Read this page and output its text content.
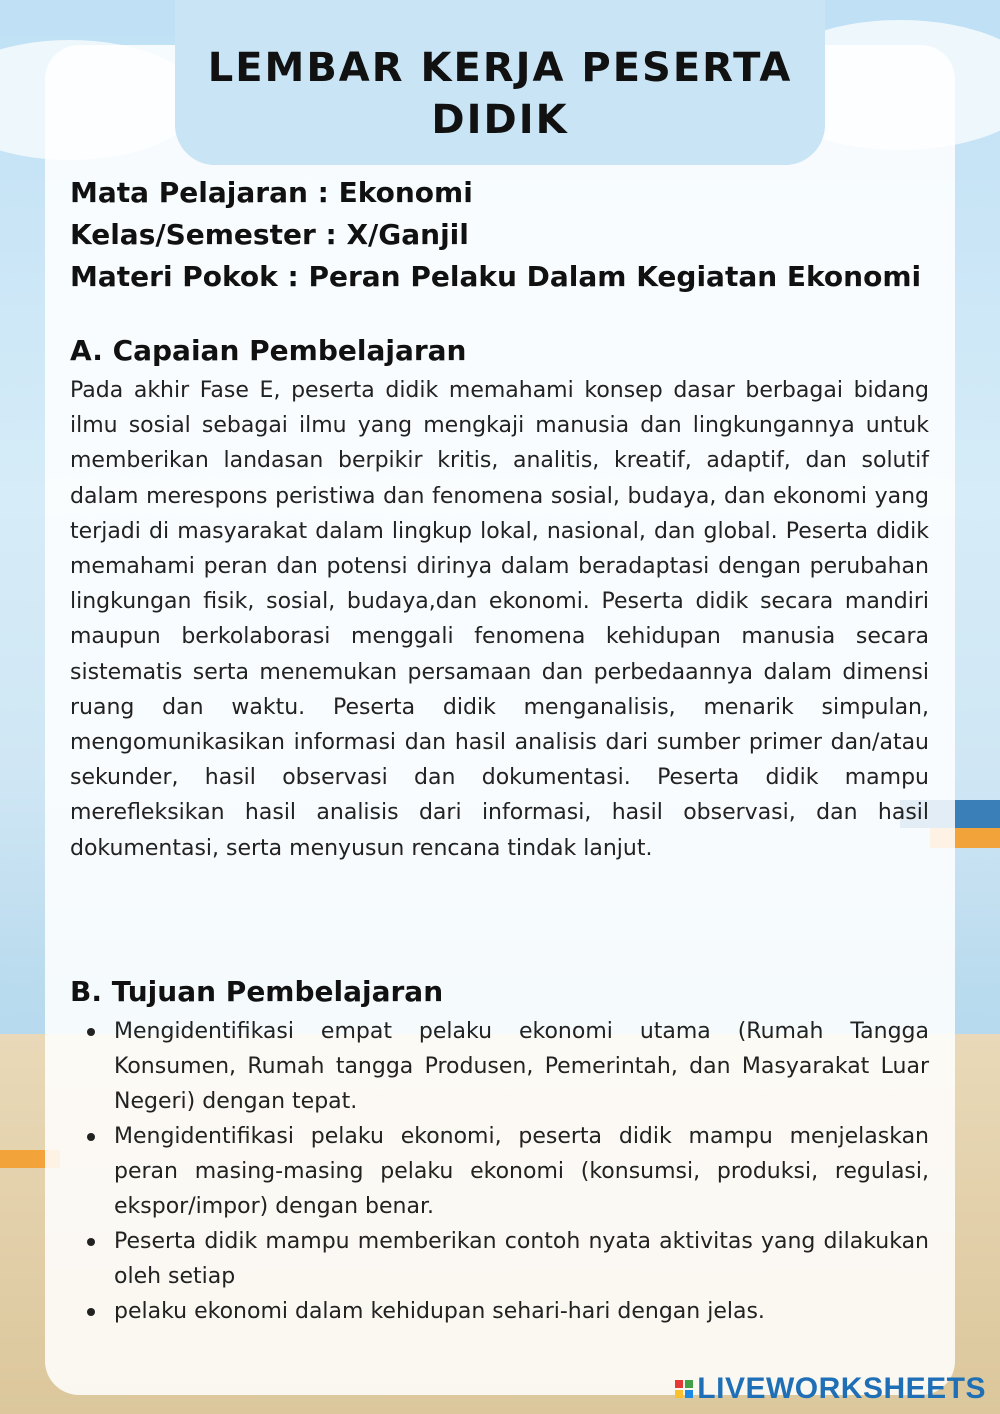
LEMBAR KERJA PESERTA DIDIK
Mata Pelajaran : Ekonomi
Kelas/Semester : X/Ganjil
Materi Pokok : Peran Pelaku Dalam Kegiatan Ekonomi
A. Capaian Pembelajaran
Pada akhir Fase E, peserta didik memahami konsep dasar berbagai bidang ilmu sosial sebagai ilmu yang mengkaji manusia dan lingkungannya untuk memberikan landasan berpikir kritis, analitis, kreatif, adaptif, dan solutif dalam merespons peristiwa dan fenomena sosial, budaya, dan ekonomi yang terjadi di masyarakat dalam lingkup lokal, nasional, dan global. Peserta didik memahami peran dan potensi dirinya dalam beradaptasi dengan perubahan lingkungan fisik, sosial, budaya,dan ekonomi. Peserta didik secara mandiri maupun berkolaborasi menggali fenomena kehidupan manusia secara sistematis serta menemukan persamaan dan perbedaannya dalam dimensi ruang dan waktu. Peserta didik menganalisis, menarik simpulan, mengomunikasikan informasi dan hasil analisis dari sumber primer dan/atau sekunder, hasil observasi dan dokumentasi. Peserta didik mampu merefleksikan hasil analisis dari informasi, hasil observasi, dan hasil dokumentasi, serta menyusun rencana tindak lanjut.
B. Tujuan Pembelajaran
Mengidentifikasi empat pelaku ekonomi utama (Rumah Tangga Konsumen, Rumah tangga Produsen, Pemerintah, dan Masyarakat Luar Negeri) dengan tepat.
Mengidentifikasi pelaku ekonomi, peserta didik mampu menjelaskan peran masing-masing pelaku ekonomi (konsumsi, produksi, regulasi, ekspor/impor) dengan benar.
Peserta didik mampu memberikan contoh nyata aktivitas yang dilakukan oleh setiap
pelaku ekonomi dalam kehidupan sehari-hari dengan jelas.
LIVEWORKSHEETS
